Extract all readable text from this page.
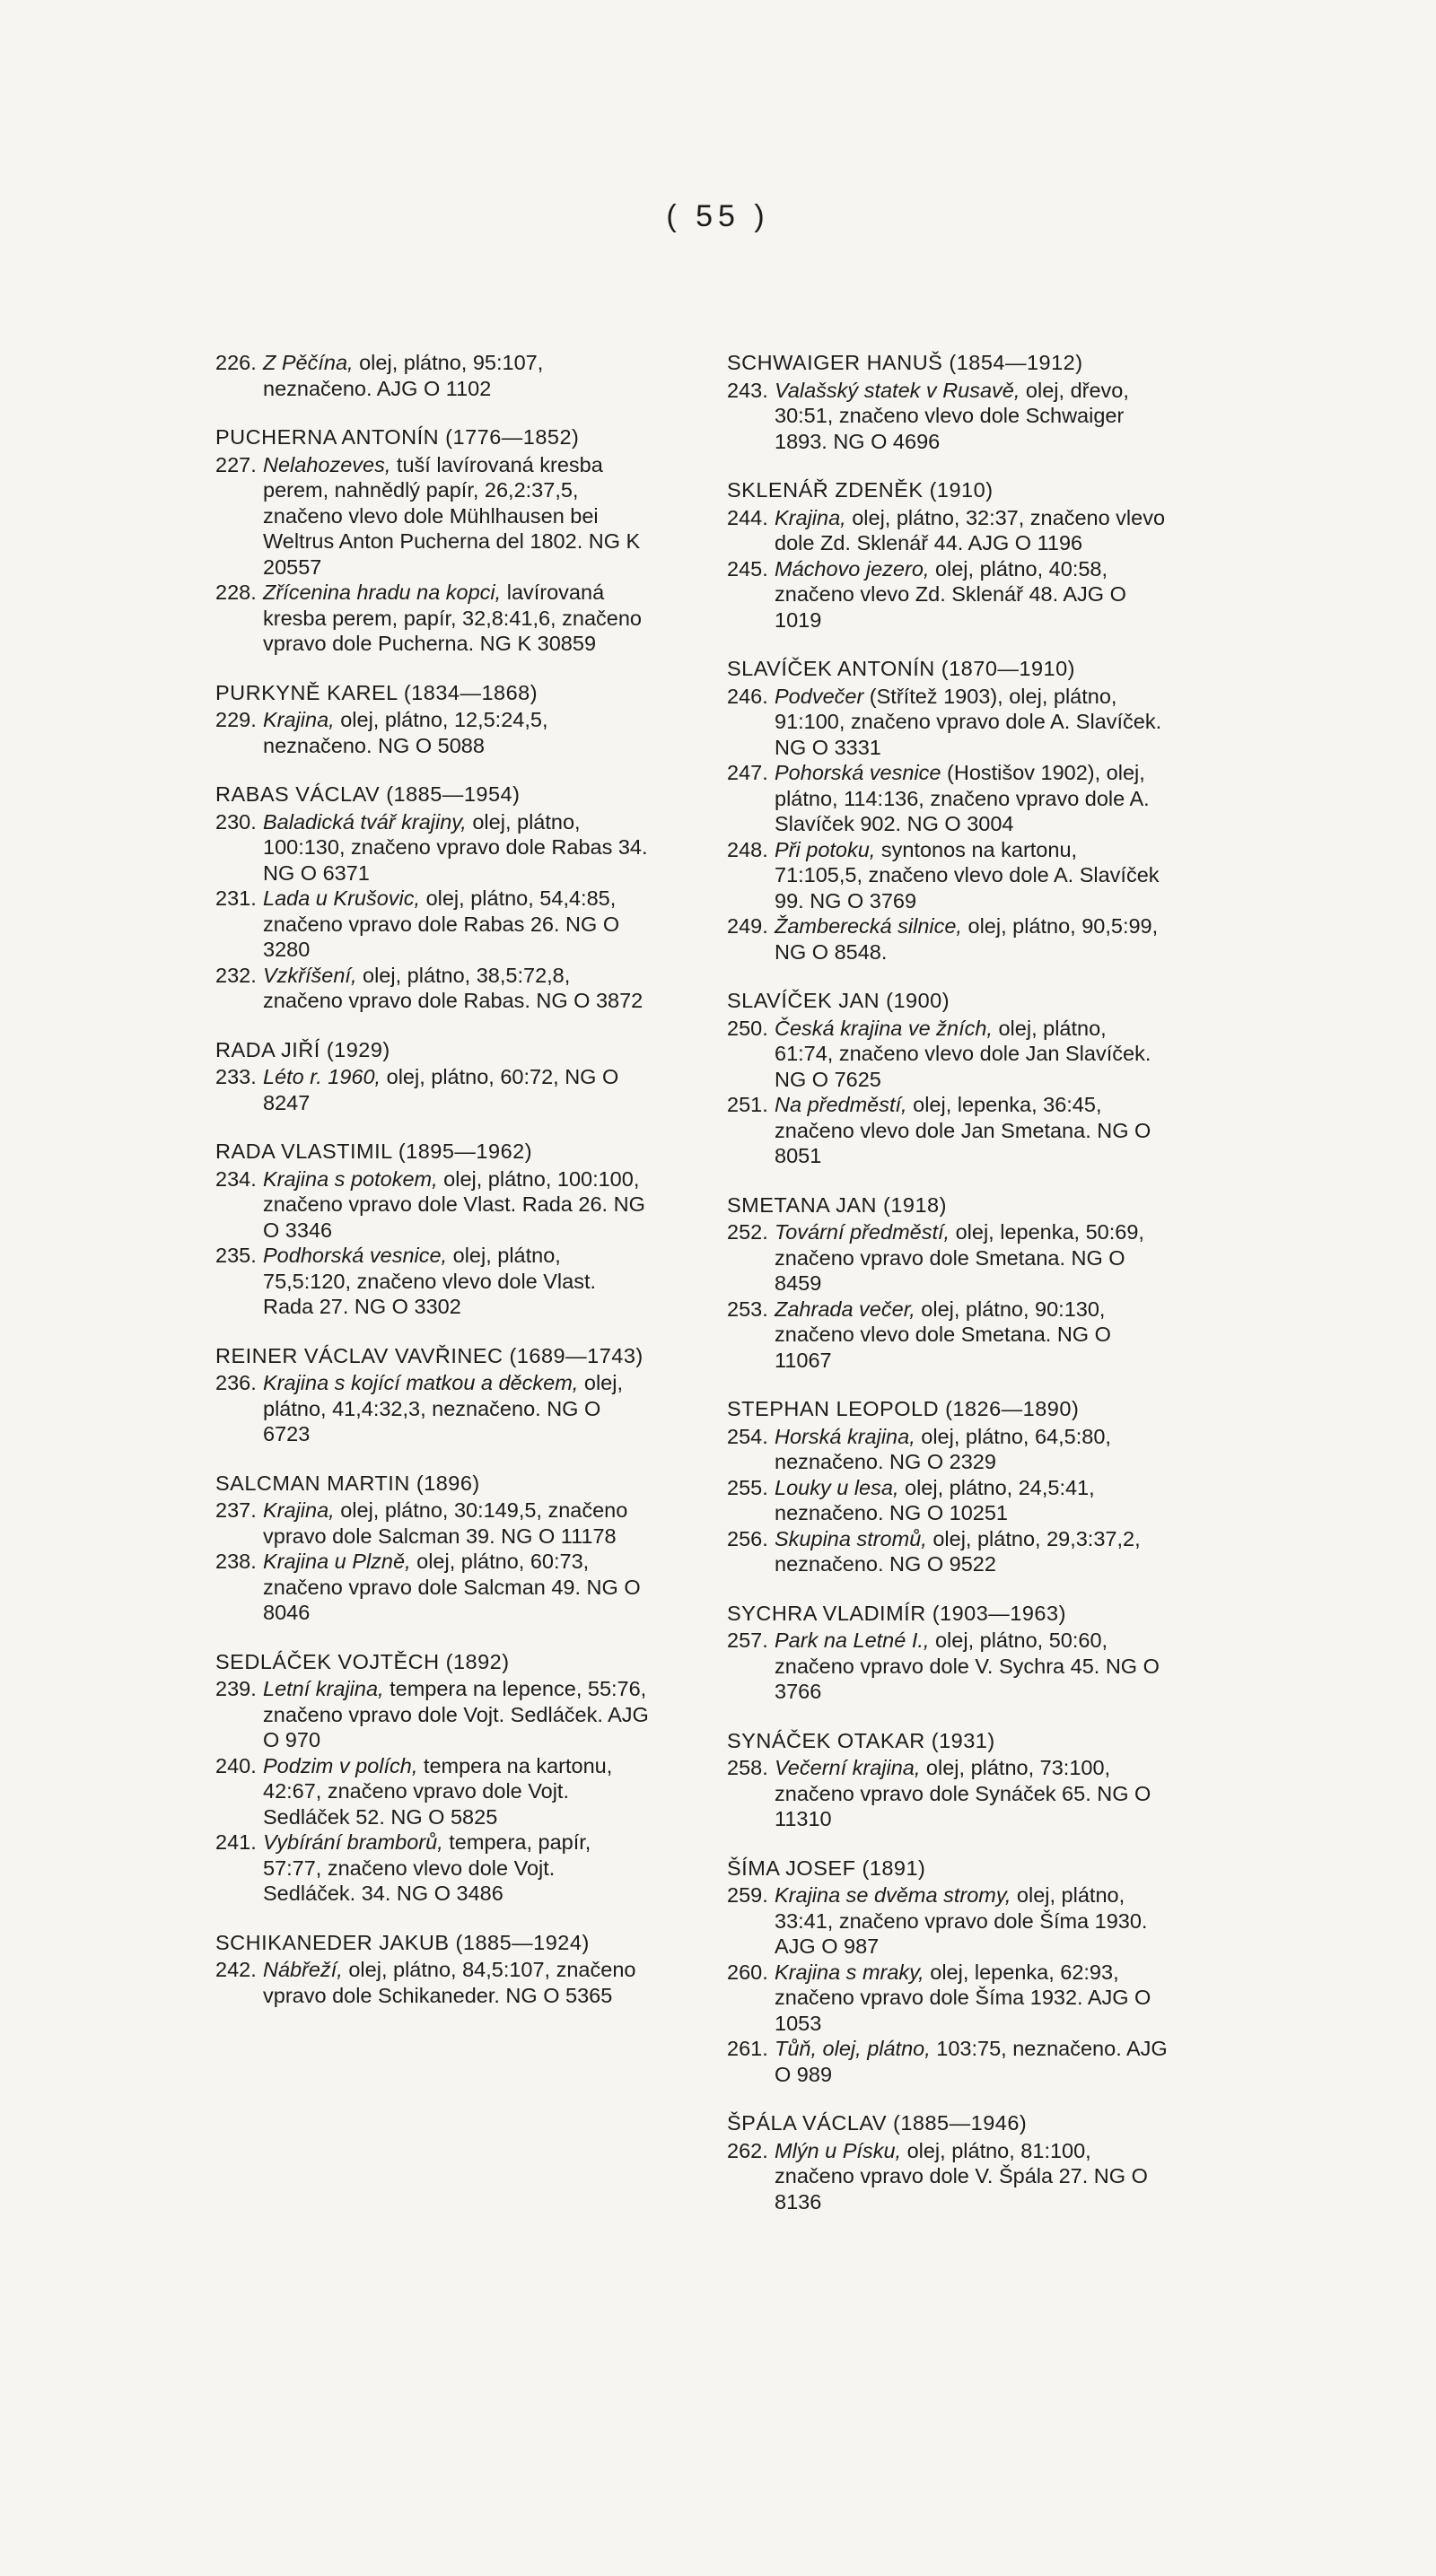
( 55 )

226. Z Pěčína, olej, plátno, 95:107, neznačeno. AJG O 1102

PUCHERNA ANTONÍN (1776—1852)

227. Nelahozeves, tuší lavírovaná kresba perem, nahnědlý papír, 26,2:37,5, značeno vlevo dole Mühlhausen bei Weltrus Anton Pucherna del 1802. NG K 20557

228. Zřícenina hradu na kopci, lavírovaná kresba perem, papír, 32,8:41,6, značeno vpravo dole Pucherna. NG K 30859

PURKYNĚ KAREL (1834—1868)

229. Krajina, olej, plátno, 12,5:24,5, neznačeno. NG O 5088

RABAS VÁCLAV (1885—1954)

230. Baladická tvář krajiny, olej, plátno, 100:130, značeno vpravo dole Rabas 34. NG O 6371

231. Lada u Krušovic, olej, plátno, 54,4:85, značeno vpravo dole Rabas 26. NG O 3280

232. Vzkříšení, olej, plátno, 38,5:72,8, značeno vpravo dole Rabas. NG O 3872

RADA JIŘÍ (1929)

233. Léto r. 1960, olej, plátno, 60:72, NG O 8247

RADA VLASTIMIL (1895—1962)

234. Krajina s potokem, olej, plátno, 100:100, značeno vpravo dole Vlast. Rada 26. NG O 3346

235. Podhorská vesnice, olej, plátno, 75,5:120, značeno vlevo dole Vlast. Rada 27. NG O 3302

REINER VÁCLAV VAVŘINEC (1689—1743)

236. Krajina s kojící matkou a děckem, olej, plátno, 41,4:32,3, neznačeno. NG O 6723

SALCMAN MARTIN (1896)

237. Krajina, olej, plátno, 30:149,5, značeno vpravo dole Salcman 39. NG O 11178

238. Krajina u Plzně, olej, plátno, 60:73, značeno vpravo dole Salcman 49. NG O 8046

SEDLÁČEK VOJTĚCH (1892)

239. Letní krajina, tempera na lepence, 55:76, značeno vpravo dole Vojt. Sedláček. AJG O 970

240. Podzim v polích, tempera na kartonu, 42:67, značeno vpravo dole Vojt. Sedláček 52. NG O 5825

241. Vybírání bramborů, tempera, papír, 57:77, značeno vlevo dole Vojt. Sedláček. 34. NG O 3486

SCHIKANEDER JAKUB (1885—1924)

242. Nábřeží, olej, plátno, 84,5:107, značeno vpravo dole Schikaneder. NG O 5365

SCHWAIGER HANUŠ (1854—1912)

243. Valašský statek v Rusavě, olej, dřevo, 30:51, značeno vlevo dole Schwaiger 1893. NG O 4696

SKLENÁŘ ZDENĚK (1910)

244. Krajina, olej, plátno, 32:37, značeno vlevo dole Zd. Sklenář 44. AJG O 1196

245. Máchovo jezero, olej, plátno, 40:58, značeno vlevo Zd. Sklenář 48. AJG O 1019

SLAVÍČEK ANTONÍN (1870—1910)

246. Podvečer (Střítež 1903), olej, plátno, 91:100, značeno vpravo dole A. Slavíček. NG O 3331

247. Pohorská vesnice (Hostišov 1902), olej, plátno, 114:136, značeno vpravo dole A. Slavíček 902. NG O 3004

248. Při potoku, syntonos na kartonu, 71:105,5, značeno vlevo dole A. Slavíček 99. NG O 3769

249. Žamberecká silnice, olej, plátno, 90,5:99, NG O 8548.

SLAVÍČEK JAN (1900)

250. Česká krajina ve žních, olej, plátno, 61:74, značeno vlevo dole Jan Slavíček. NG O 7625

251. Na předměstí, olej, lepenka, 36:45, značeno vlevo dole Jan Smetana. NG O 8051

SMETANA JAN (1918)

252. Tovární předměstí, olej, lepenka, 50:69, značeno vpravo dole Smetana. NG O 8459

253. Zahrada večer, olej, plátno, 90:130, značeno vlevo dole Smetana. NG O 11067

STEPHAN LEOPOLD (1826—1890)

254. Horská krajina, olej, plátno, 64,5:80, neznačeno. NG O 2329

255. Louky u lesa, olej, plátno, 24,5:41, neznačeno. NG O 10251

256. Skupina stromů, olej, plátno, 29,3:37,2, neznačeno. NG O 9522

SYCHRA VLADIMÍR (1903—1963)

257. Park na Letné I., olej, plátno, 50:60, značeno vpravo dole V. Sychra 45. NG O 3766

SYNÁČEK OTAKAR (1931)

258. Večerní krajina, olej, plátno, 73:100, značeno vpravo dole Synáček 65. NG O 11310

ŠÍMA JOSEF (1891)

259. Krajina se dvěma stromy, olej, plátno, 33:41, značeno vpravo dole Šíma 1930. AJG O 987

260. Krajina s mraky, olej, lepenka, 62:93, značeno vpravo dole Šíma 1932. AJG O 1053

261. Tůň, olej, plátno, 103:75, neznačeno. AJG O 989

ŠPÁLA VÁCLAV (1885—1946)

262. Mlýn u Písku, olej, plátno, 81:100, značeno vpravo dole V. Špála 27. NG O 8136
